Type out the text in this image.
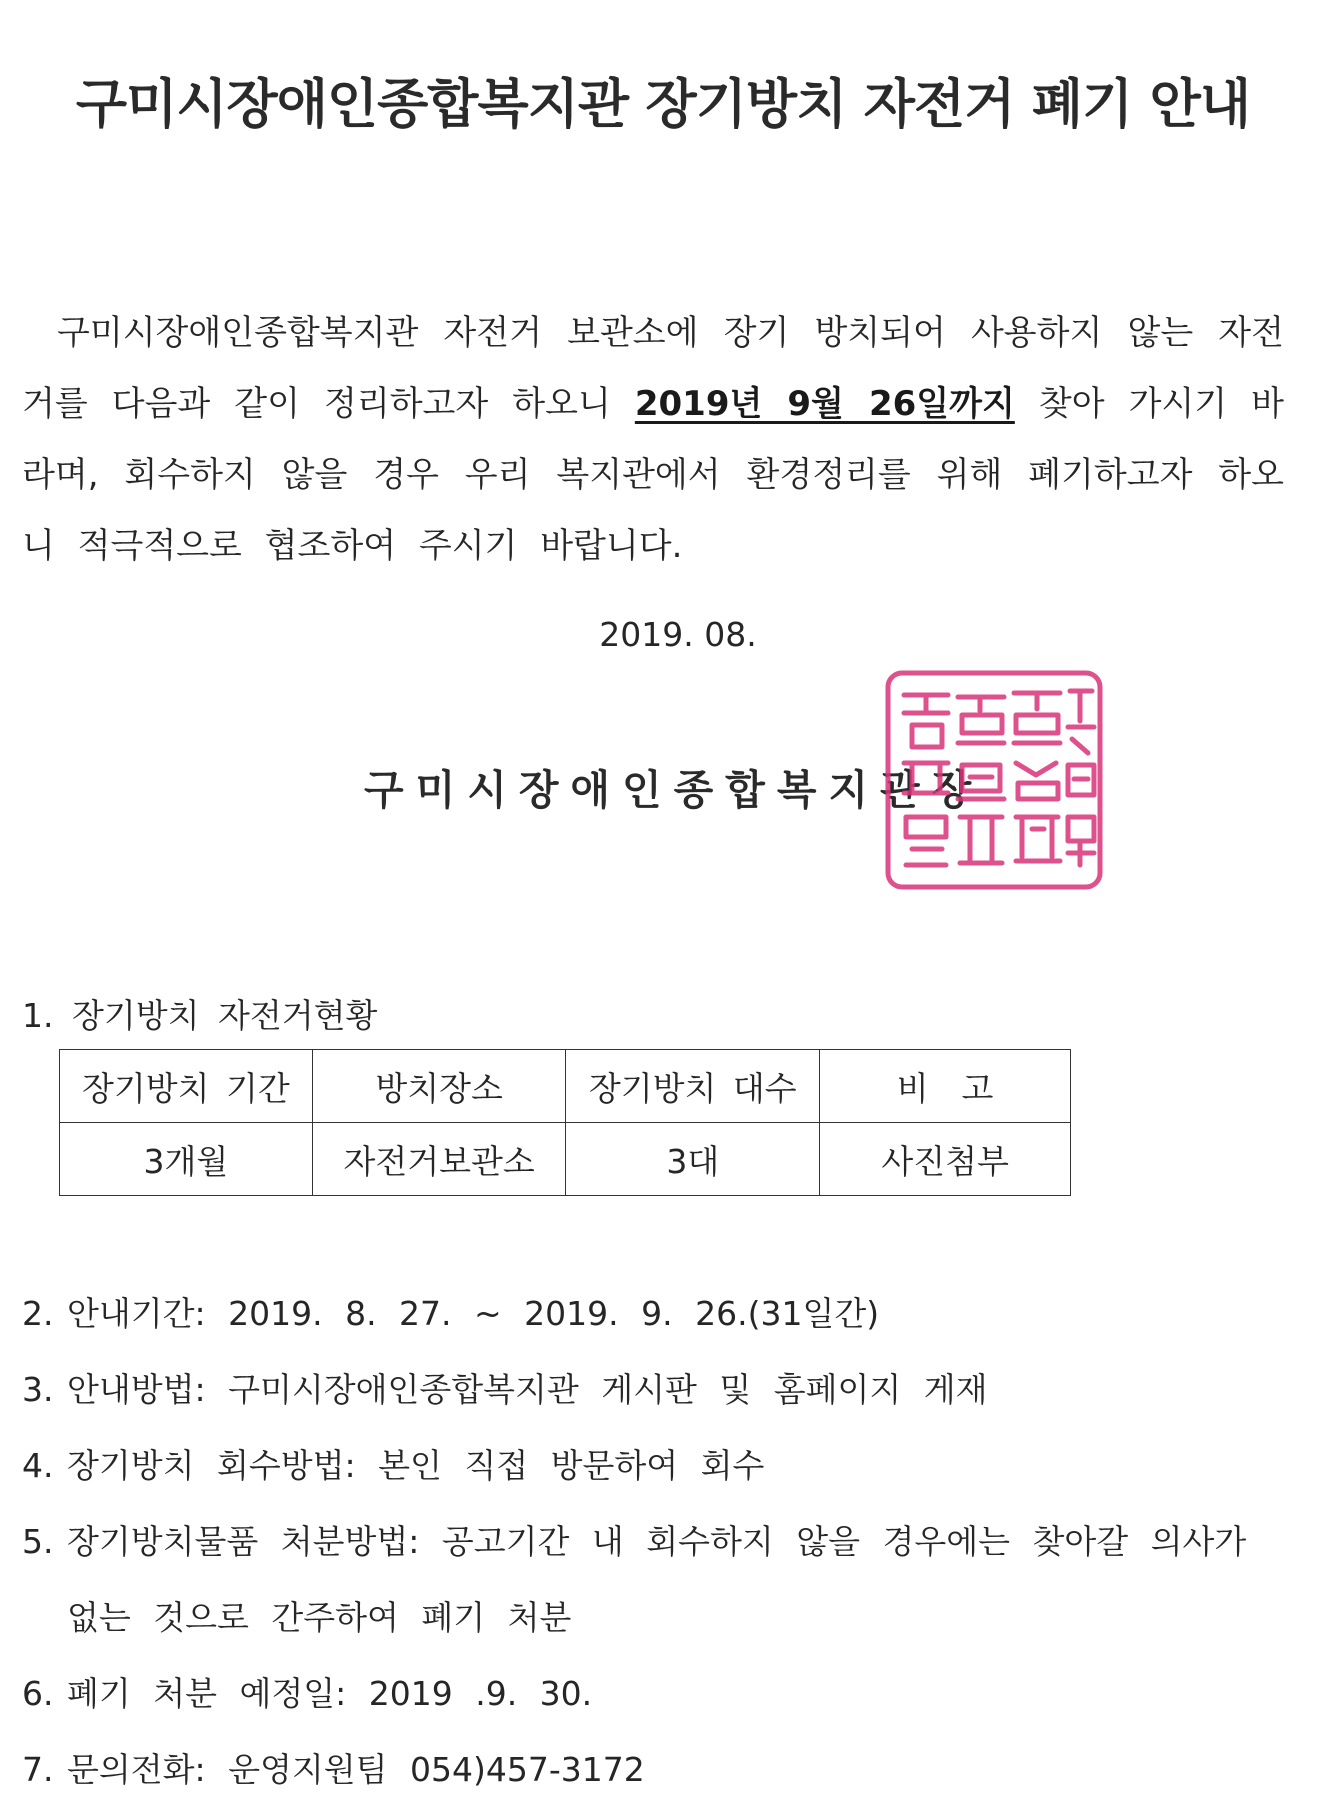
구미시장애인종합복지관 장기방치 자전거 폐기 안내

구미시장애인종합복지관 자전거 보관소에 장기 방치되어 사용하지 않는 자전거를 다음과 같이 정리하고자 하오니 2019년 9월 26일까지 찾아 가시기 바라며, 회수하지 않을 경우 우리 복지관에서 환경정리를 위해 폐기하고자 하오니 적극적으로 협조하여 주시기 바랍니다.

2019. 08.
구미시장애인종합복지관장
1. 장기방치 자전거현황
장기방치 기간	방치장소	장기방치 대수	비  고
3개월	자전거보관소	3대	사진첨부
2. 안내기간: 2019. 8. 27. ~ 2019. 9. 26.(31일간)
3. 안내방법: 구미시장애인종합복지관 게시판 및 홈페이지 게재
4. 장기방치 회수방법: 본인 직접 방문하여 회수
5. 장기방치물품 처분방법: 공고기간 내 회수하지 않을 경우에는 찾아갈 의사가 없는 것으로 간주하여 폐기 처분
6. 폐기 처분 예정일: 2019 .9. 30.
7. 문의전화: 운영지원팀 054)457-3172
